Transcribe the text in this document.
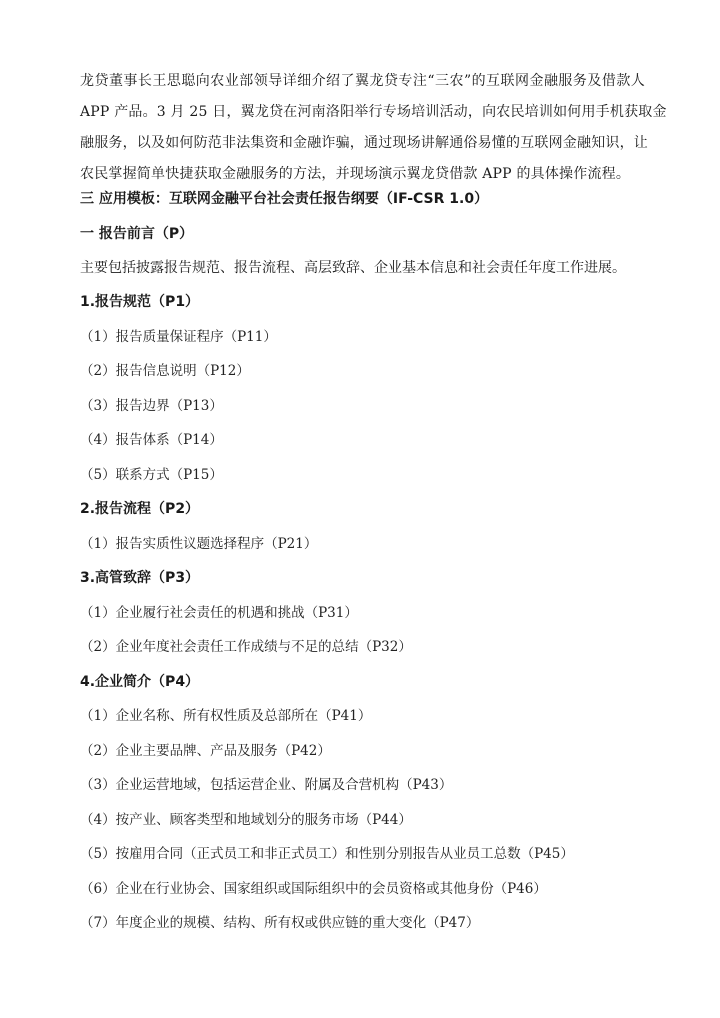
龙贷董事长王思聪向农业部领导详细介绍了翼龙贷专注“三农”的互联网金融服务及借款人
APP 产品。3 月 25 日，翼龙贷在河南洛阳举行专场培训活动，向农民培训如何用手机获取金
融服务，以及如何防范非法集资和金融诈骗，通过现场讲解通俗易懂的互联网金融知识，让
农民掌握简单快捷获取金融服务的方法，并现场演示翼龙贷借款 APP 的具体操作流程。
三 应用模板：互联网金融平台社会责任报告纲要（IF-CSR 1.0）
一 报告前言（P）
主要包括披露报告规范、报告流程、高层致辞、企业基本信息和社会责任年度工作进展。
1.报告规范（P1）
（1）报告质量保证程序（P11）
（2）报告信息说明（P12）
（3）报告边界（P13）
（4）报告体系（P14）
（5）联系方式（P15）
2.报告流程（P2）
（1）报告实质性议题选择程序（P21）
3.高管致辞（P3）
（1）企业履行社会责任的机遇和挑战（P31）
（2）企业年度社会责任工作成绩与不足的总结（P32）
4.企业简介（P4）
（1）企业名称、所有权性质及总部所在（P41）
（2）企业主要品牌、产品及服务（P42）
（3）企业运营地域，包括运营企业、附属及合营机构（P43）
（4）按产业、顾客类型和地域划分的服务市场（P44）
（5）按雇用合同（正式员工和非正式员工）和性别分别报告从业员工总数（P45）
（6）企业在行业协会、国家组织或国际组织中的会员资格或其他身份（P46）
（7）年度企业的规模、结构、所有权或供应链的重大变化（P47）
